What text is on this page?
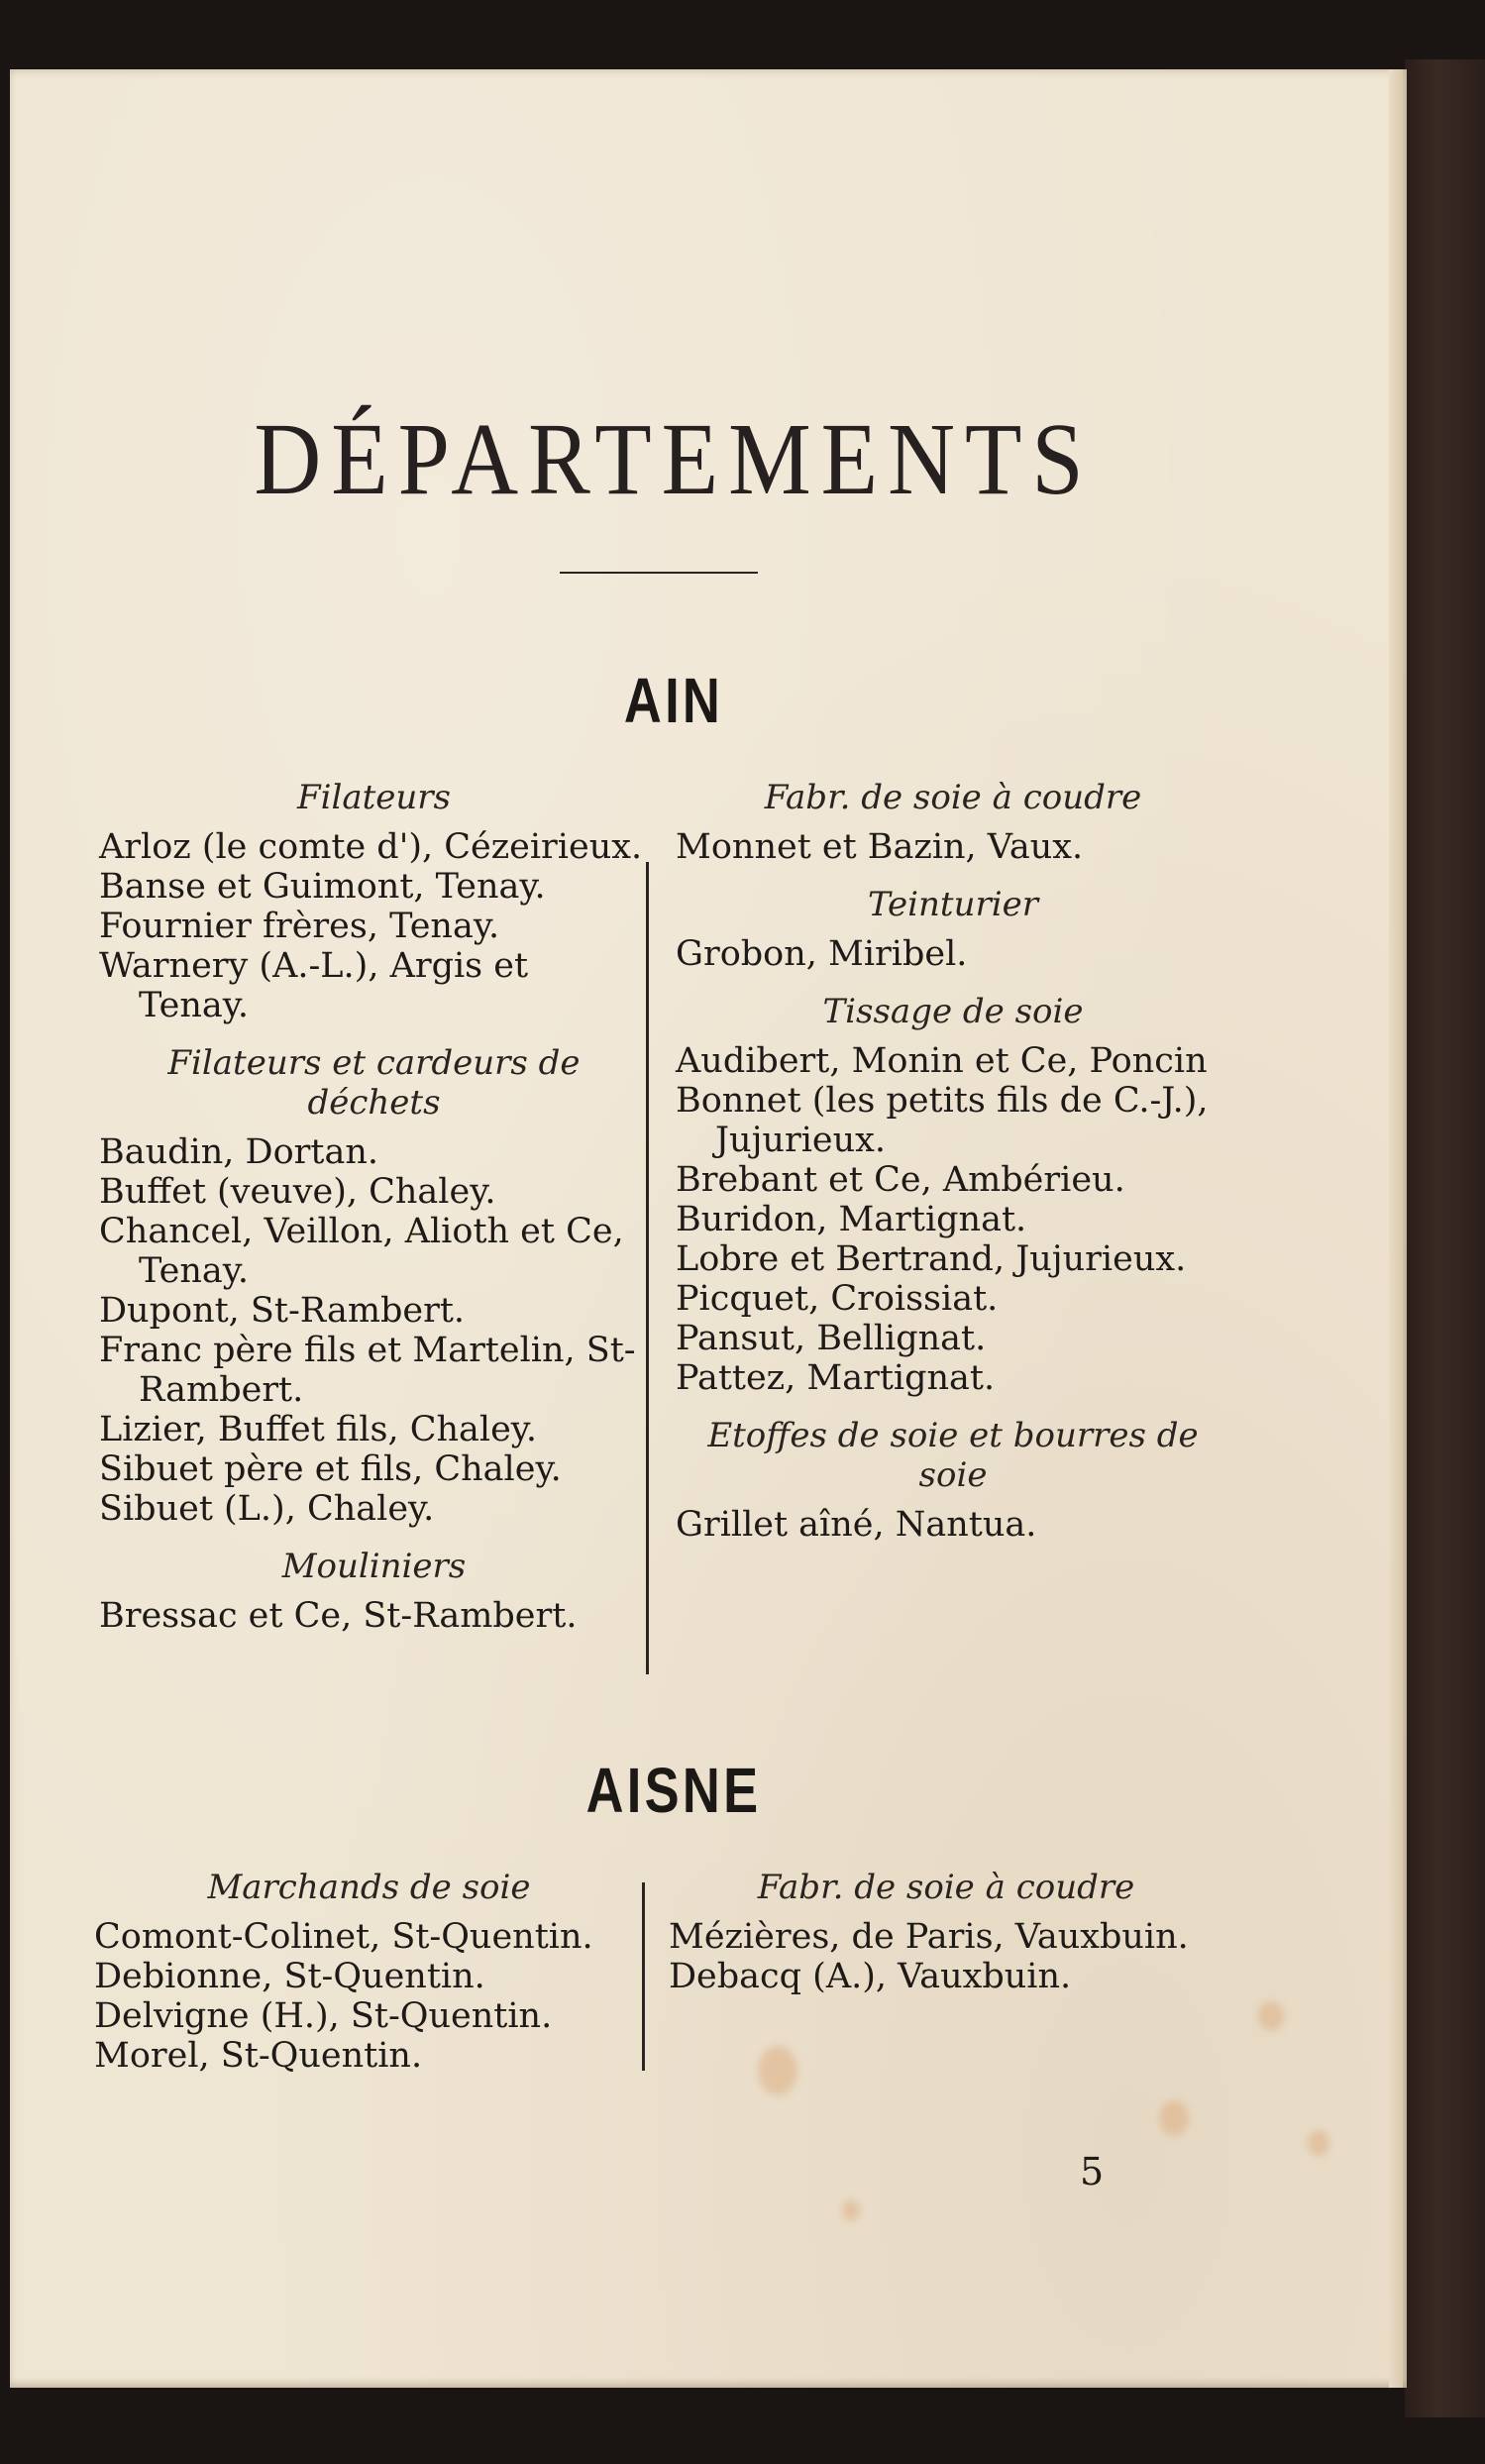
DÉPARTEMENTS
AIN
Filateurs

Arloz (le comte d'), Cézeirieux.

Banse et Guimont, Tenay.

Fournier frères, Tenay.

Warnery (A.-L.), Argis et Tenay.

Filateurs et cardeurs de déchets

Baudin, Dortan.

Buffet (veuve), Chaley.

Chancel, Veillon, Alioth et Ce, Tenay.

Dupont, St-Rambert.

Franc père fils et Martelin, St-Rambert.

Lizier, Buffet fils, Chaley.

Sibuet père et fils, Chaley.

Sibuet (L.), Chaley.

Mouliniers

Bressac et Ce, St-Rambert.

Fabr. de soie à coudre

Monnet et Bazin, Vaux.

Teinturier

Grobon, Miribel.

Tissage de soie

Audibert, Monin et Ce, Poncin

Bonnet (les petits fils de C.-J.), Jujurieux.

Brebant et Ce, Ambérieu.

Buridon, Martignat.

Lobre et Bertrand, Jujurieux.

Picquet, Croissiat.

Pansut, Bellignat.

Pattez, Martignat.

Etoffes de soie et bourres de soie

Grillet aîné, Nantua.

AISNE
Marchands de soie

Comont-Colinet, St-Quentin.

Debionne, St-Quentin.

Delvigne (H.), St-Quentin.

Morel, St-Quentin.

Fabr. de soie à coudre

Mézières, de Paris, Vauxbuin.

Debacq (A.), Vauxbuin.

5
